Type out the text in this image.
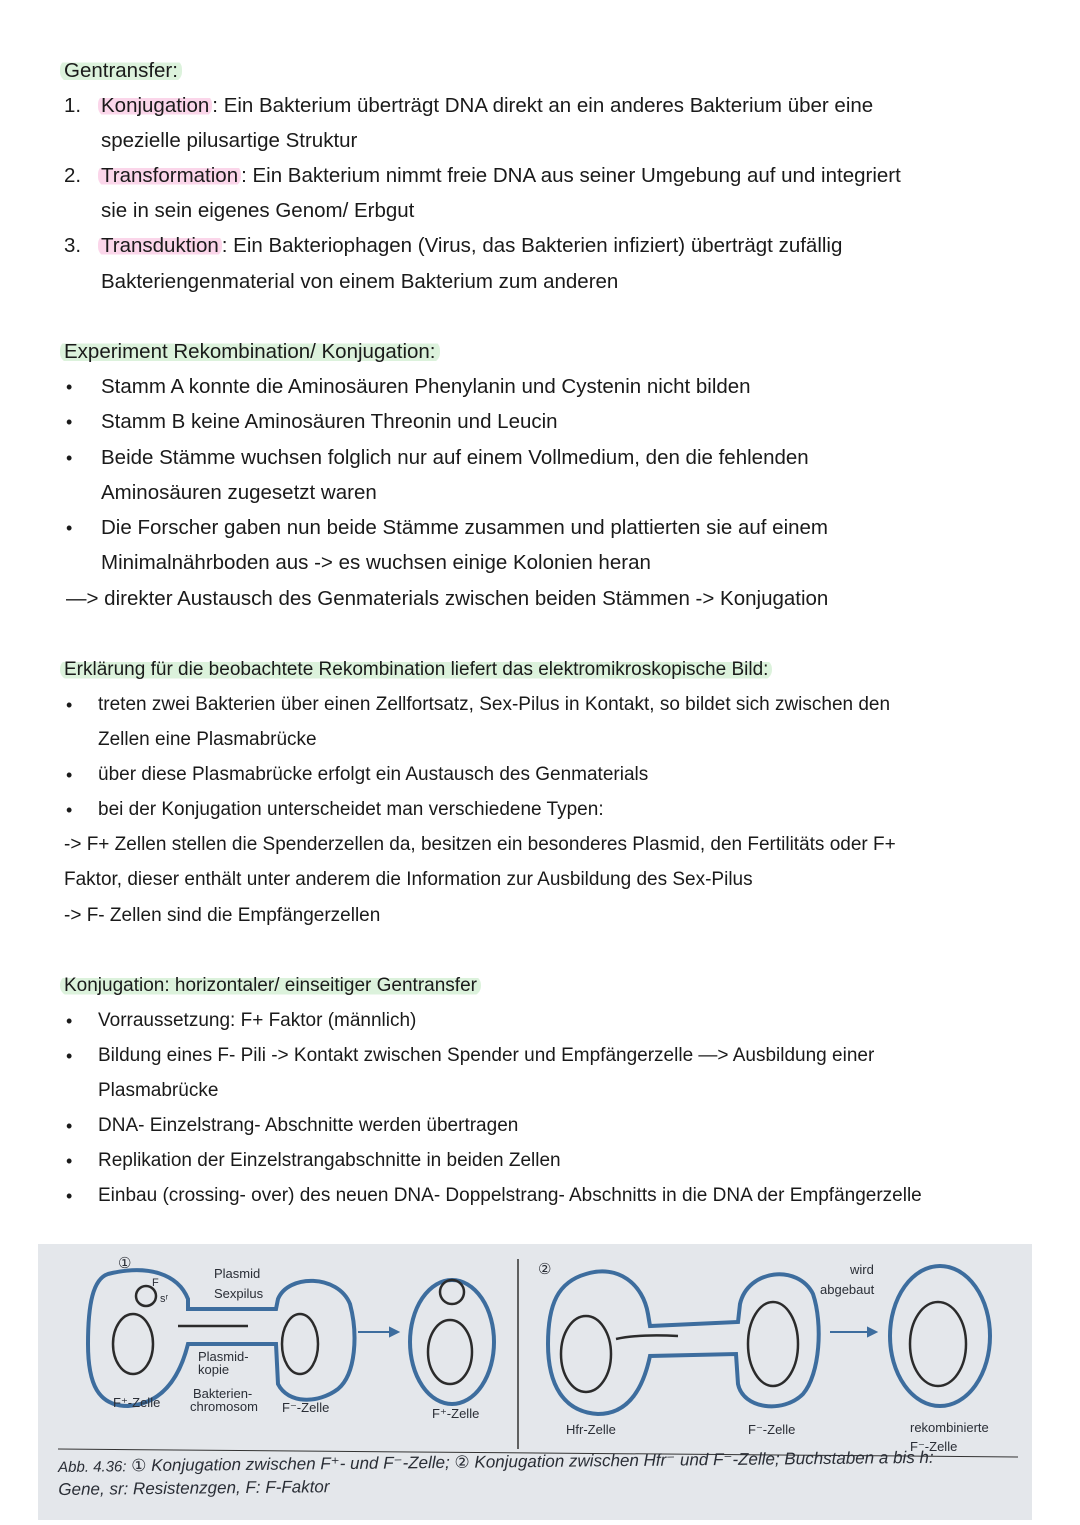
Gentransfer:
1. Konjugation : Ein Bakterium überträgt DNA direkt an ein anderes Bakterium über eine
spezielle pilusartige Struktur
2. Transformation : Ein Bakterium nimmt freie DNA aus seiner Umgebung auf und integriert
sie in sein eigenes Genom/ Erbgut
3. Transduktion : Ein Bakteriophagen (Virus, das Bakterien infiziert) überträgt zufällig
Bakteriengenmaterial von einem Bakterium zum anderen
Experiment Rekombination/ Konjugation:
• Stamm A konnte die Aminosäuren Phenylanin und Cystenin nicht bilden
• Stamm B keine Aminosäuren Threonin und Leucin
• Beide Stämme wuchsen folglich nur auf einem Vollmedium, den die fehlenden
Aminosäuren zugesetzt waren
• Die Forscher gaben nun beide Stämme zusammen und plattierten sie auf einem
Minimalnährboden aus -> es wuchsen einige Kolonien heran
—> direkter Austausch des Genmaterials zwischen beiden Stämmen -> Konjugation
Erklärung für die beobachtete Rekombination liefert das elektromikroskopische Bild:
• treten zwei Bakterien über einen Zellfortsatz, Sex-Pilus in Kontakt, so bildet sich zwischen den
Zellen eine Plasmabrücke
• über diese Plasmabrücke erfolgt ein Austausch des Genmaterials
• bei der Konjugation unterscheidet man verschiedene Typen:
-> F+ Zellen stellen die Spenderzellen da, besitzen ein besonderes Plasmid, den Fertilitäts oder F+
Faktor, dieser enthält unter anderem die Information zur Ausbildung des Sex-Pilus
-> F- Zellen sind die Empfängerzellen
Konjugation: horizontaler/ einseitiger Gentransfer
• Vorraussetzung: F+ Faktor (männlich)
• Bildung eines F- Pili -> Kontakt zwischen Spender und Empfängerzelle —> Ausbildung einer
Plasmabrücke
• DNA- Einzelstrang- Abschnitte werden übertragen
• Replikation der Einzelstrangabschnitte in beiden Zellen
• Einbau (crossing- over) des neuen DNA- Doppelstrang- Abschnitts in die DNA der Empfängerzelle
①	②
Plasmid
Sexpilus
Plasmid-
kopie
Bakterien-
chromosom
F⁺-Zelle	F⁻-Zelle	F⁺-Zelle
Hfr-Zelle	F⁻-Zelle
wird
abgebaut
rekombinierte
F⁻-Zelle
F
sʳ
Abb. 4.36: ① Konjugation zwischen F⁺- und F⁻-Zelle; ② Konjugation zwischen Hfr⁻ und F⁻-Zelle; Buchstaben a bis h:
Gene, sr: Resistenzgen, F: F-Faktor
